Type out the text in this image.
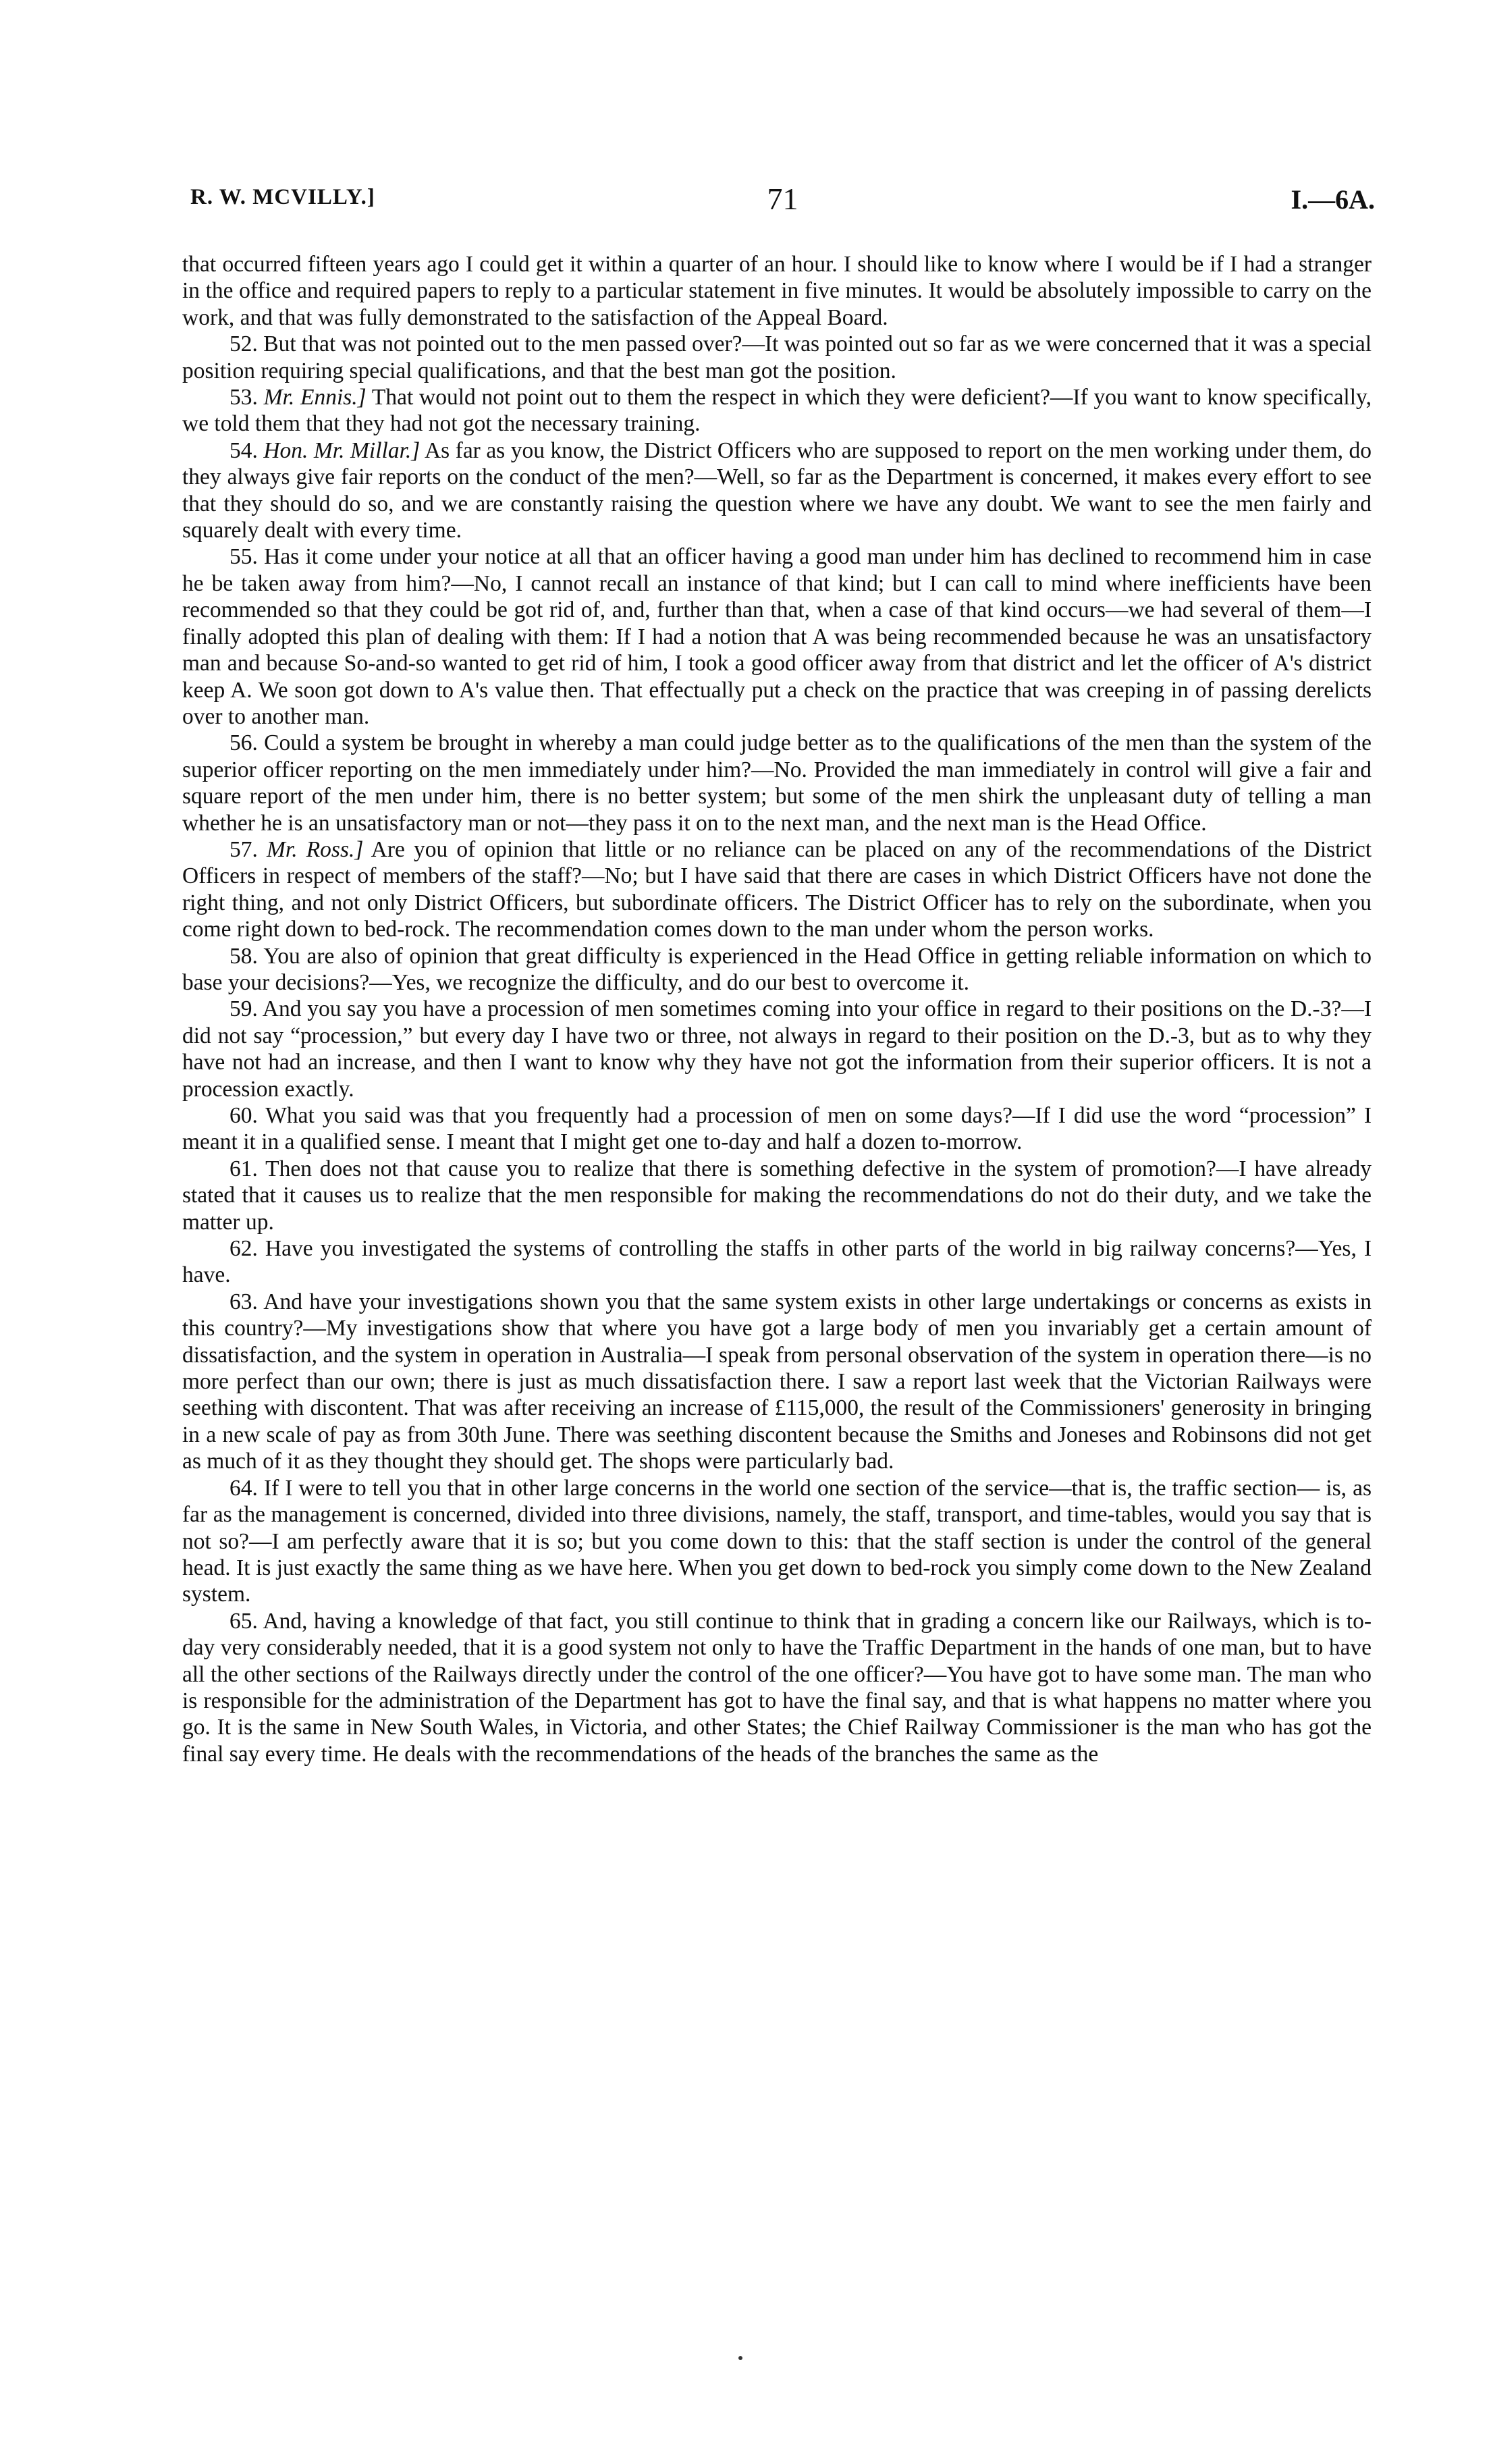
R. W. MCVILLY.]	71	I.—6A.

that occurred fifteen years ago I could get it within a quarter of an hour. I should like to know where I would be if I had a stranger in the office and required papers to reply to a particular statement in five minutes. It would be absolutely impossible to carry on the work, and that was fully demonstrated to the satisfaction of the Appeal Board.

52. But that was not pointed out to the men passed over?—It was pointed out so far as we were concerned that it was a special position requiring special qualifications, and that the best man got the position.

53. Mr. Ennis.] That would not point out to them the respect in which they were deficient?—If you want to know specifically, we told them that they had not got the necessary training.

54. Hon. Mr. Millar.] As far as you know, the District Officers who are supposed to report on the men working under them, do they always give fair reports on the conduct of the men?—Well, so far as the Department is concerned, it makes every effort to see that they should do so, and we are constantly raising the question where we have any doubt. We want to see the men fairly and squarely dealt with every time.

55. Has it come under your notice at all that an officer having a good man under him has declined to recommend him in case he be taken away from him?—No, I cannot recall an instance of that kind; but I can call to mind where inefficients have been recommended so that they could be got rid of, and, further than that, when a case of that kind occurs—we had several of them—I finally adopted this plan of dealing with them: If I had a notion that A was being recommended because he was an unsatisfactory man and because So-and-so wanted to get rid of him, I took a good officer away from that district and let the officer of A's district keep A. We soon got down to A's value then. That effectually put a check on the practice that was creeping in of passing derelicts over to another man.

56. Could a system be brought in whereby a man could judge better as to the qualifications of the men than the system of the superior officer reporting on the men immediately under him?—No. Provided the man immediately in control will give a fair and square report of the men under him, there is no better system; but some of the men shirk the unpleasant duty of telling a man whether he is an unsatisfactory man or not—they pass it on to the next man, and the next man is the Head Office.

57. Mr. Ross.] Are you of opinion that little or no reliance can be placed on any of the recommendations of the District Officers in respect of members of the staff?—No; but I have said that there are cases in which District Officers have not done the right thing, and not only District Officers, but subordinate officers. The District Officer has to rely on the subordinate, when you come right down to bed-rock. The recommendation comes down to the man under whom the person works.

58. You are also of opinion that great difficulty is experienced in the Head Office in getting reliable information on which to base your decisions?—Yes, we recognize the difficulty, and do our best to overcome it.

59. And you say you have a procession of men sometimes coming into your office in regard to their positions on the D.-3?—I did not say “procession,” but every day I have two or three, not always in regard to their position on the D.-3, but as to why they have not had an increase, and then I want to know why they have not got the information from their superior officers. It is not a procession exactly.

60. What you said was that you frequently had a procession of men on some days?—If I did use the word “procession” I meant it in a qualified sense. I meant that I might get one to-day and half a dozen to-morrow.

61. Then does not that cause you to realize that there is something defective in the system of promotion?—I have already stated that it causes us to realize that the men responsible for making the recommendations do not do their duty, and we take the matter up.

62. Have you investigated the systems of controlling the staffs in other parts of the world in big railway concerns?—Yes, I have.

63. And have your investigations shown you that the same system exists in other large undertakings or concerns as exists in this country?—My investigations show that where you have got a large body of men you invariably get a certain amount of dissatisfaction, and the system in operation in Australia—I speak from personal observation of the system in operation there—is no more perfect than our own; there is just as much dissatisfaction there. I saw a report last week that the Victorian Railways were seething with discontent. That was after receiving an increase of £115,000, the result of the Commissioners' generosity in bringing in a new scale of pay as from 30th June. There was seething discontent because the Smiths and Joneses and Robinsons did not get as much of it as they thought they should get. The shops were particularly bad.

64. If I were to tell you that in other large concerns in the world one section of the service—that is, the traffic section— is, as far as the management is concerned, divided into three divisions, namely, the staff, transport, and time-tables, would you say that is not so?—I am perfectly aware that it is so; but you come down to this: that the staff section is under the control of the general head. It is just exactly the same thing as we have here. When you get down to bed-rock you simply come down to the New Zealand system.

65. And, having a knowledge of that fact, you still continue to think that in grading a concern like our Railways, which is to-day very considerably needed, that it is a good system not only to have the Traffic Department in the hands of one man, but to have all the other sections of the Railways directly under the control of the one officer?—You have got to have some man. The man who is responsible for the administration of the Department has got to have the final say, and that is what happens no matter where you go. It is the same in New South Wales, in Victoria, and other States; the Chief Railway Commissioner is the man who has got the final say every time. He deals with the recommendations of the heads of the branches the same as the
